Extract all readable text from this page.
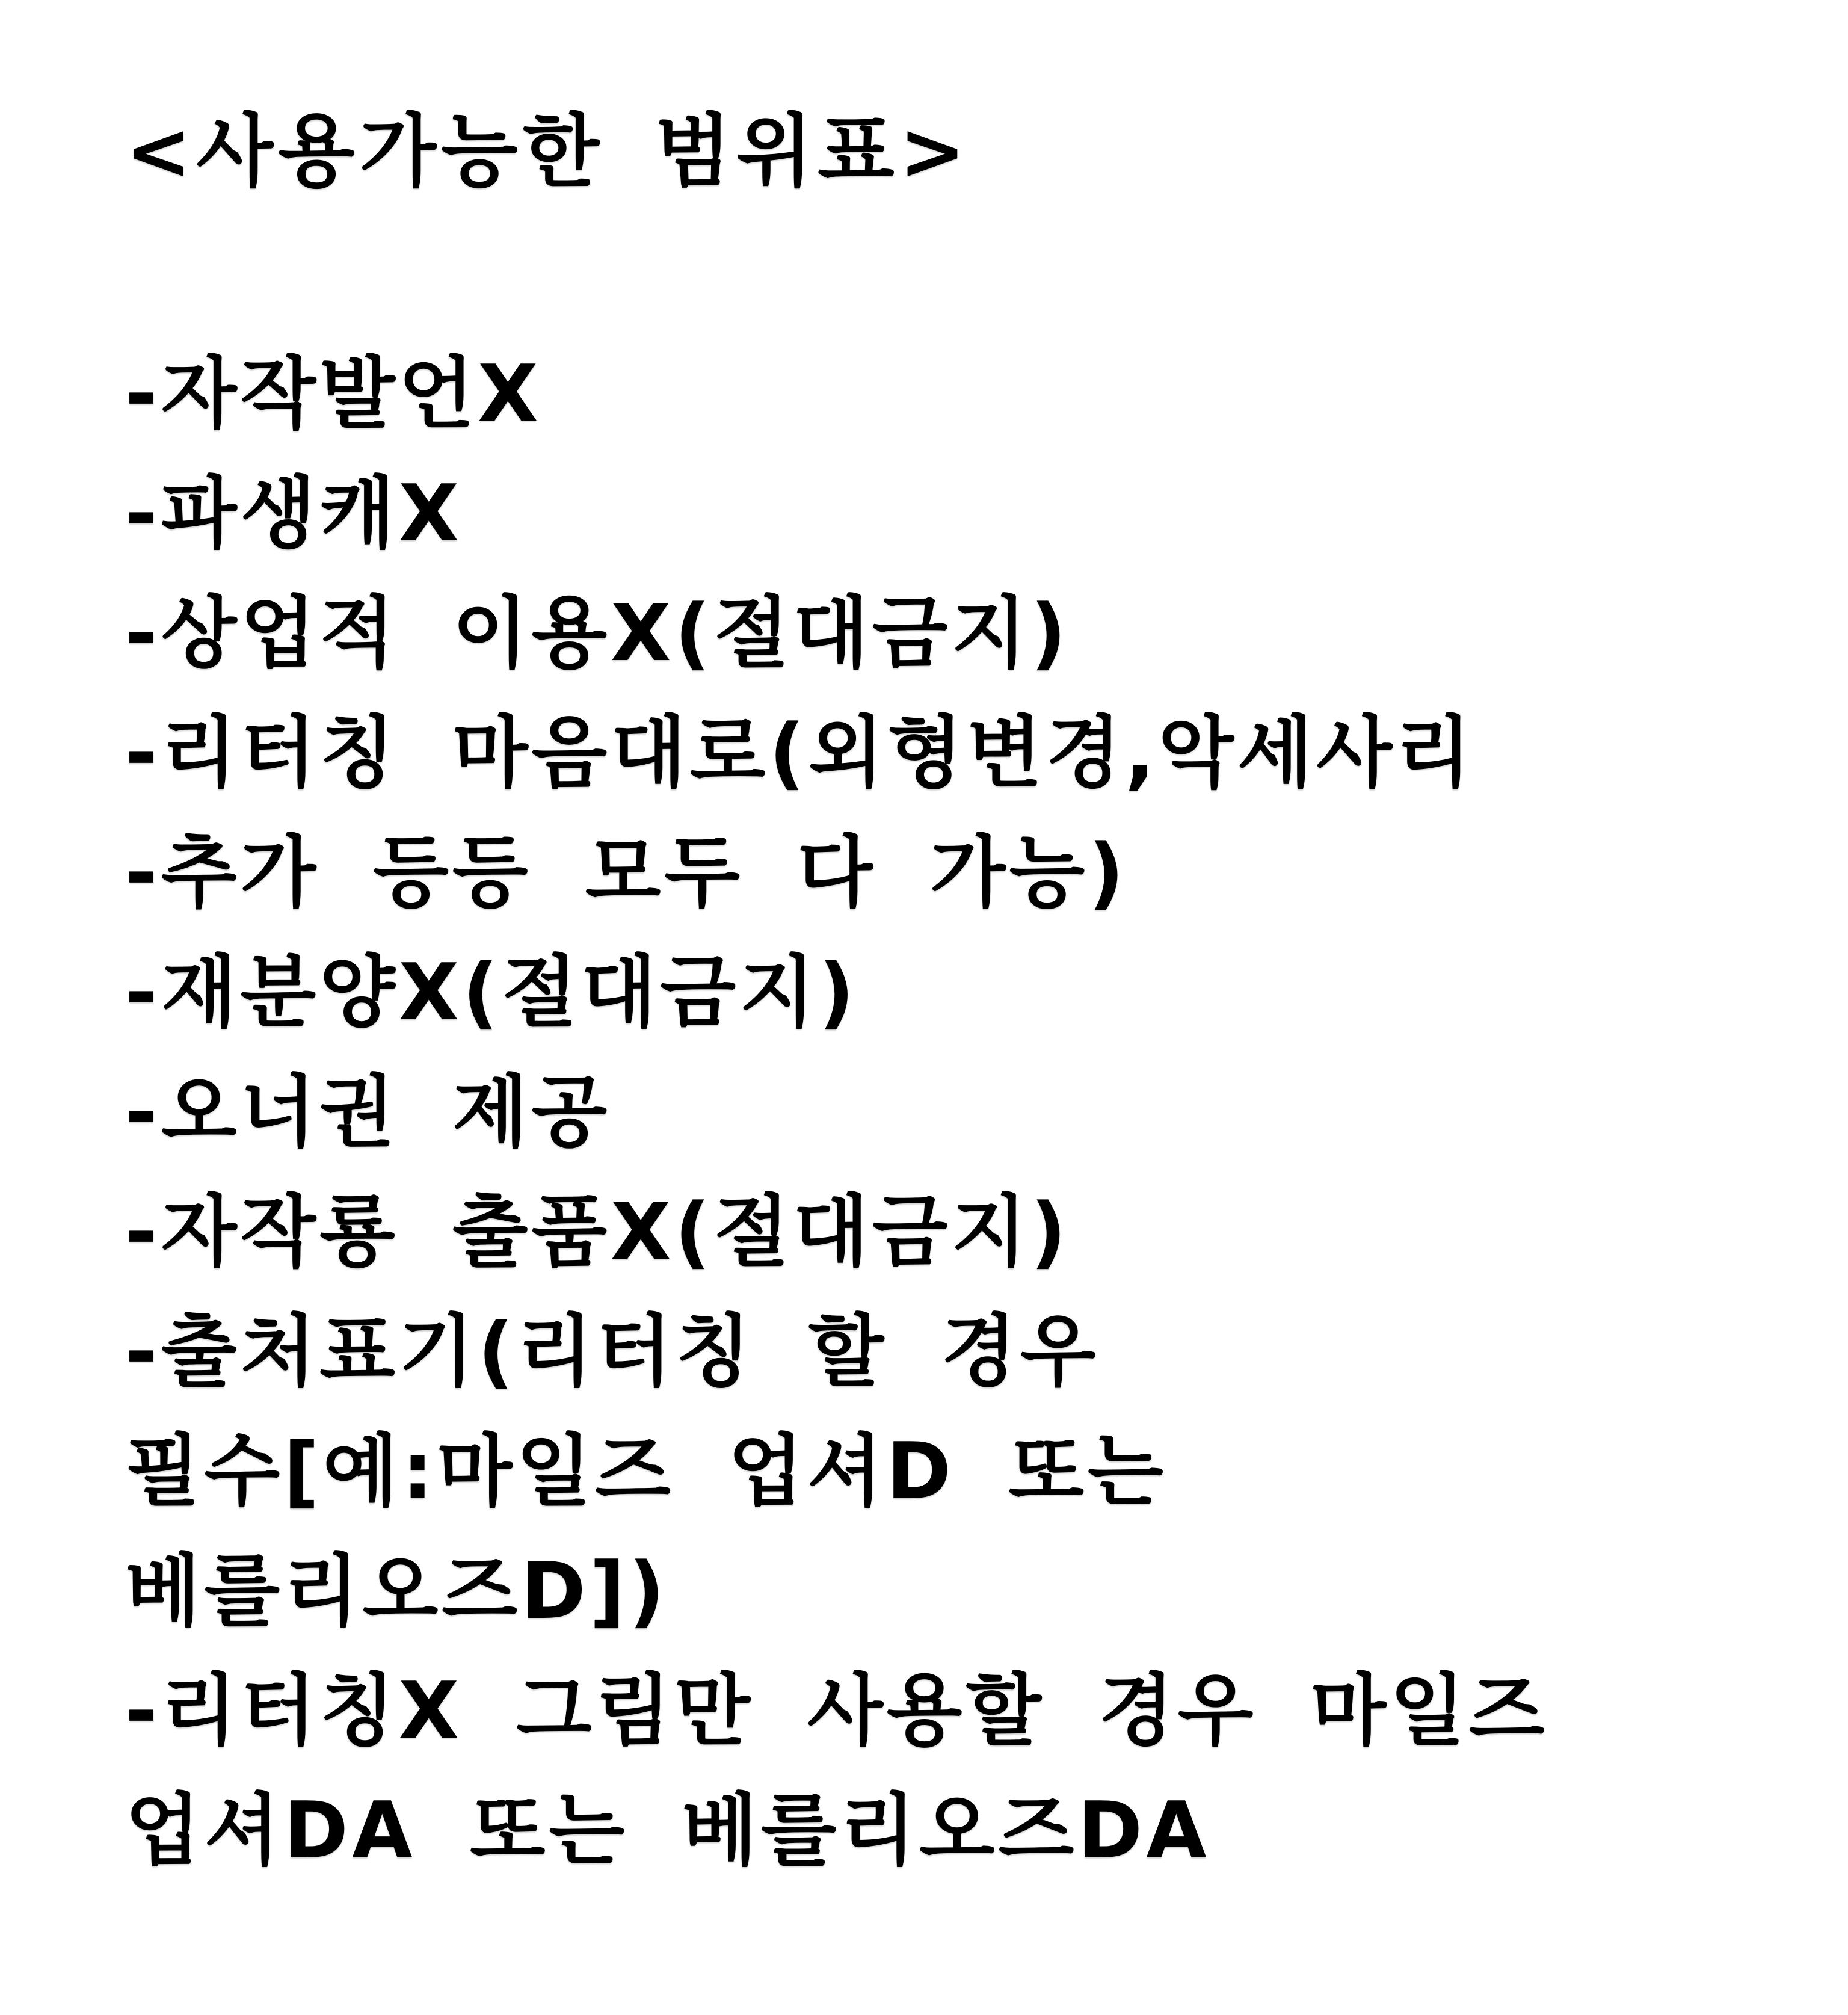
<사용가능한 범위표>
-자작발언X
-파생캐X
-상업적 이용X(절대금지)
-리터칭 마음대로(외형변경,악세사리
-추가 등등 모두 다 가능)
-재분양X(절대금지)
-오너권 제공
-자작룡 출품X(절대금지)
-출처표기(리터칭 할 경우
필수[예:마일즈 업셔D 또는
베를리오즈D])
-리터칭X 그림만 사용할 경우 마일즈
업셔DA 또는 베를리오즈DA
